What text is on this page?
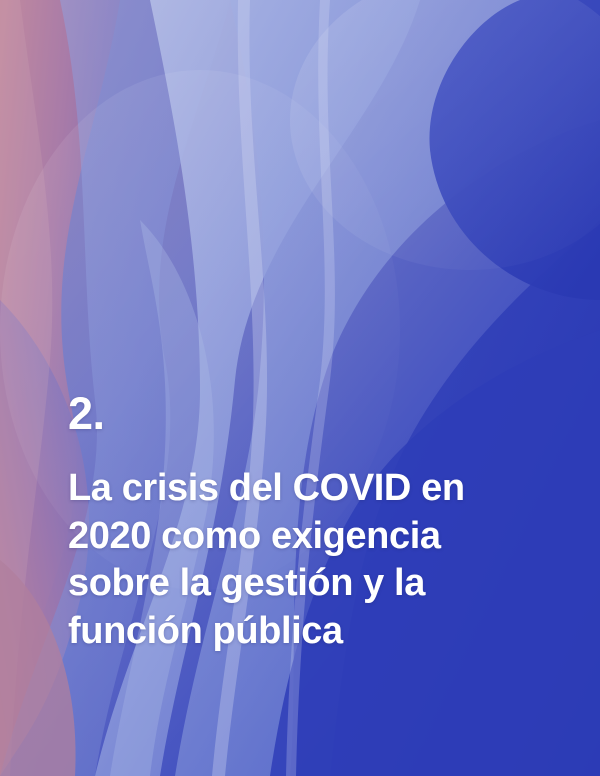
2.
La crisis del COVID en 2020 como exigencia sobre la gestión y la función pública
